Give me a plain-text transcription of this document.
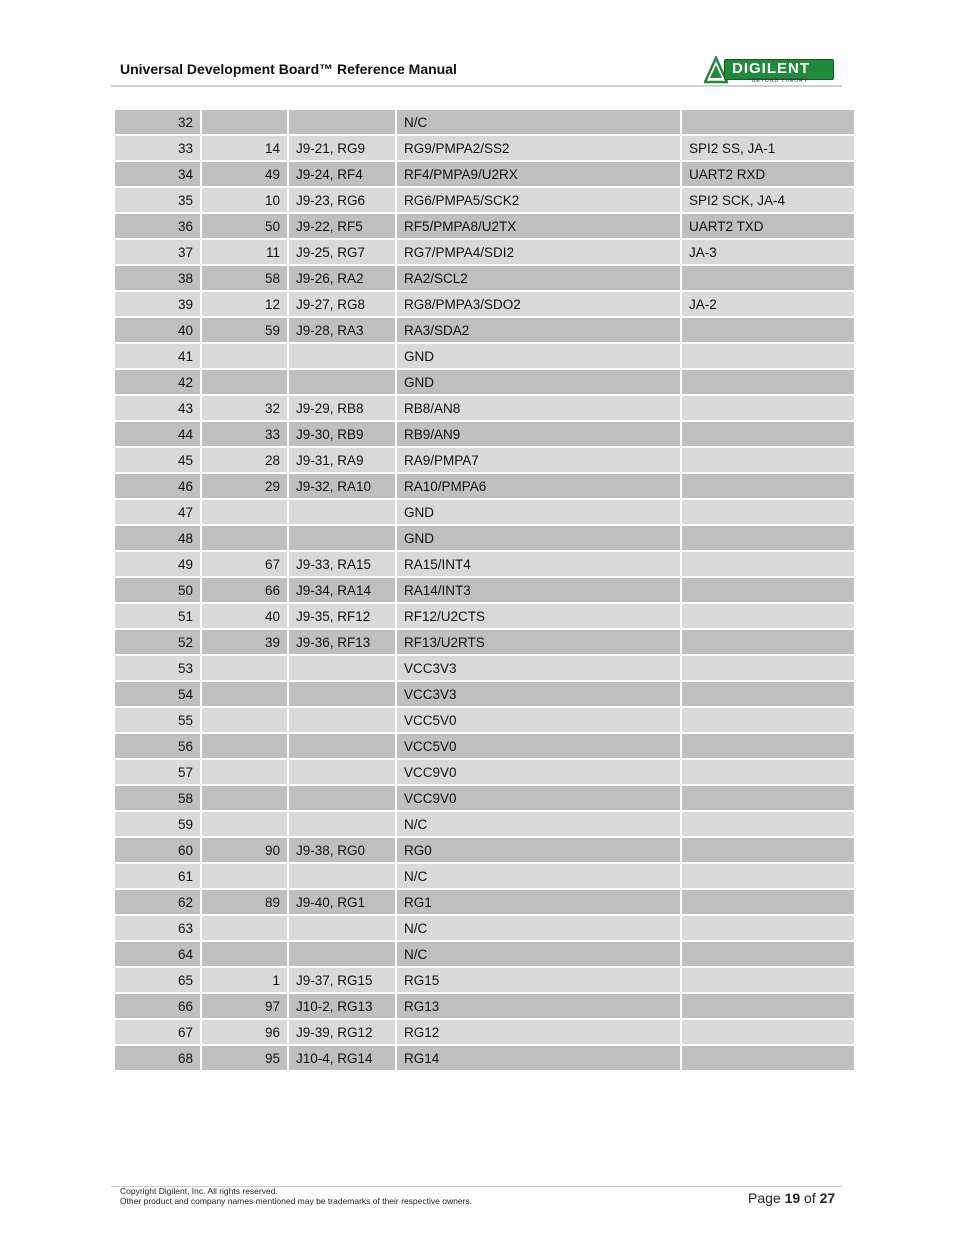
Universal Development Board™ Reference Manual	DIGILENT
BEYOND THEORY
32			N/C	
33	14	J9-21, RG9	RG9/PMPA2/SS2	SPI2 SS, JA-1
34	49	J9-24, RF4	RF4/PMPA9/U2RX	UART2 RXD
35	10	J9-23, RG6	RG6/PMPA5/SCK2	SPI2 SCK, JA-4
36	50	J9-22, RF5	RF5/PMPA8/U2TX	UART2 TXD
37	11	J9-25, RG7	RG7/PMPA4/SDI2	JA-3
38	58	J9-26, RA2	RA2/SCL2	
39	12	J9-27, RG8	RG8/PMPA3/SDO2	JA-2
40	59	J9-28, RA3	RA3/SDA2	
41			GND	
42			GND	
43	32	J9-29, RB8	RB8/AN8	
44	33	J9-30, RB9	RB9/AN9	
45	28	J9-31, RA9	RA9/PMPA7	
46	29	J9-32, RA10	RA10/PMPA6	
47			GND	
48			GND	
49	67	J9-33, RA15	RA15/INT4	
50	66	J9-34, RA14	RA14/INT3	
51	40	J9-35, RF12	RF12/U2CTS	
52	39	J9-36, RF13	RF13/U2RTS	
53			VCC3V3	
54			VCC3V3	
55			VCC5V0	
56			VCC5V0	
57			VCC9V0	
58			VCC9V0	
59			N/C	
60	90	J9-38, RG0	RG0	
61			N/C	
62	89	J9-40, RG1	RG1	
63			N/C	
64			N/C	
65	1	J9-37, RG15	RG15	
66	97	J10-2, RG13	RG13	
67	96	J9-39, RG12	RG12	
68	95	J10-4, RG14	RG14	
Copyright Digilent, Inc. All rights reserved.
Other product and company names mentioned may be trademarks of their respective owners.	Page 19 of 27
